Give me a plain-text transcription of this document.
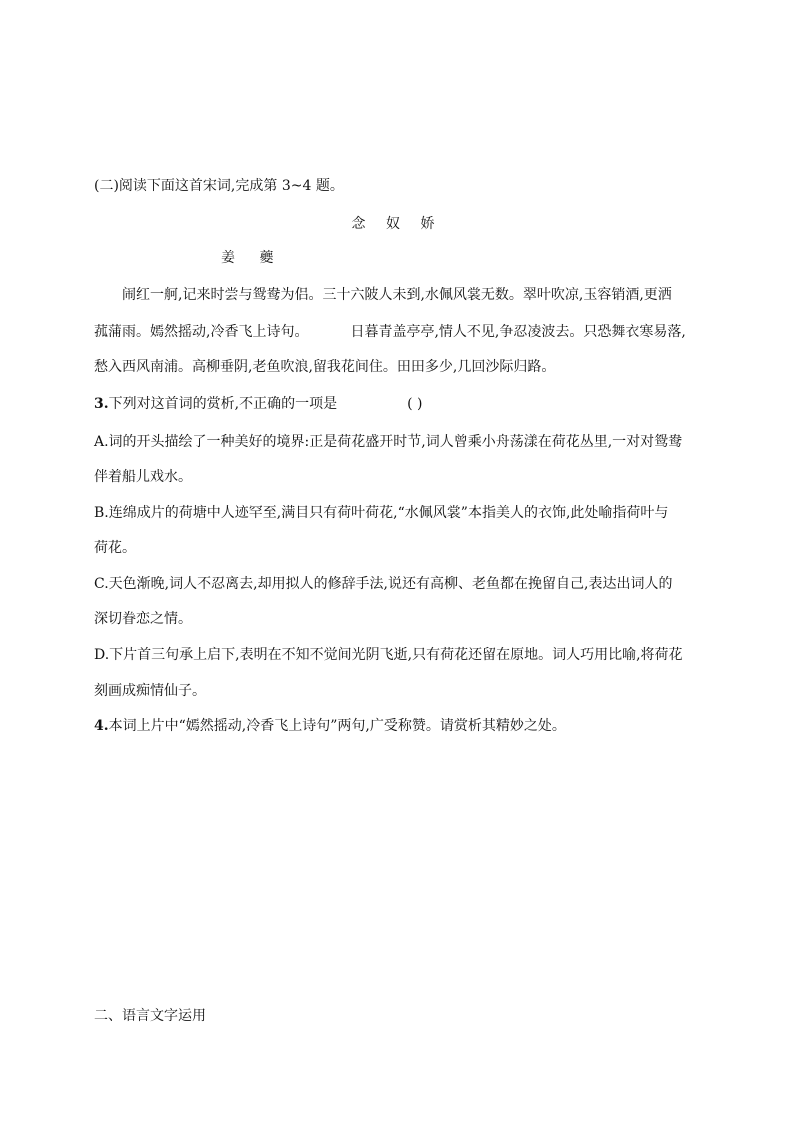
(二)阅读下面这首宋词,完成第 3~4 题。
念 奴 娇
姜 夔
闹红一舸,记来时尝与鸳鸯为侣。三十六陂人未到,水佩风裳无数。翠叶吹凉,玉容销酒,更洒
菰蒲雨。嫣然摇动,冷香飞上诗句。	日暮青盖亭亭,情人不见,争忍凌波去。只恐舞衣寒易落,
愁入西风南浦。高柳垂阴,老鱼吹浪,留我花间住。田田多少,几回沙际归路。
3.下列对这首词的赏析,不正确的一项是	( )
A.词的开头描绘了一种美好的境界:正是荷花盛开时节,词人曾乘小舟荡漾在荷花丛里,一对对鸳鸯
伴着船儿戏水。
B.连绵成片的荷塘中人迹罕至,满目只有荷叶荷花,“水佩风裳”本指美人的衣饰,此处喻指荷叶与
荷花。
C.天色渐晚,词人不忍离去,却用拟人的修辞手法,说还有高柳、老鱼都在挽留自己,表达出词人的
深切眷恋之情。
D.下片首三句承上启下,表明在不知不觉间光阴飞逝,只有荷花还留在原地。词人巧用比喻,将荷花
刻画成痴情仙子。
4.本词上片中“嫣然摇动,冷香飞上诗句”两句,广受称赞。请赏析其精妙之处。
二、语言文字运用
